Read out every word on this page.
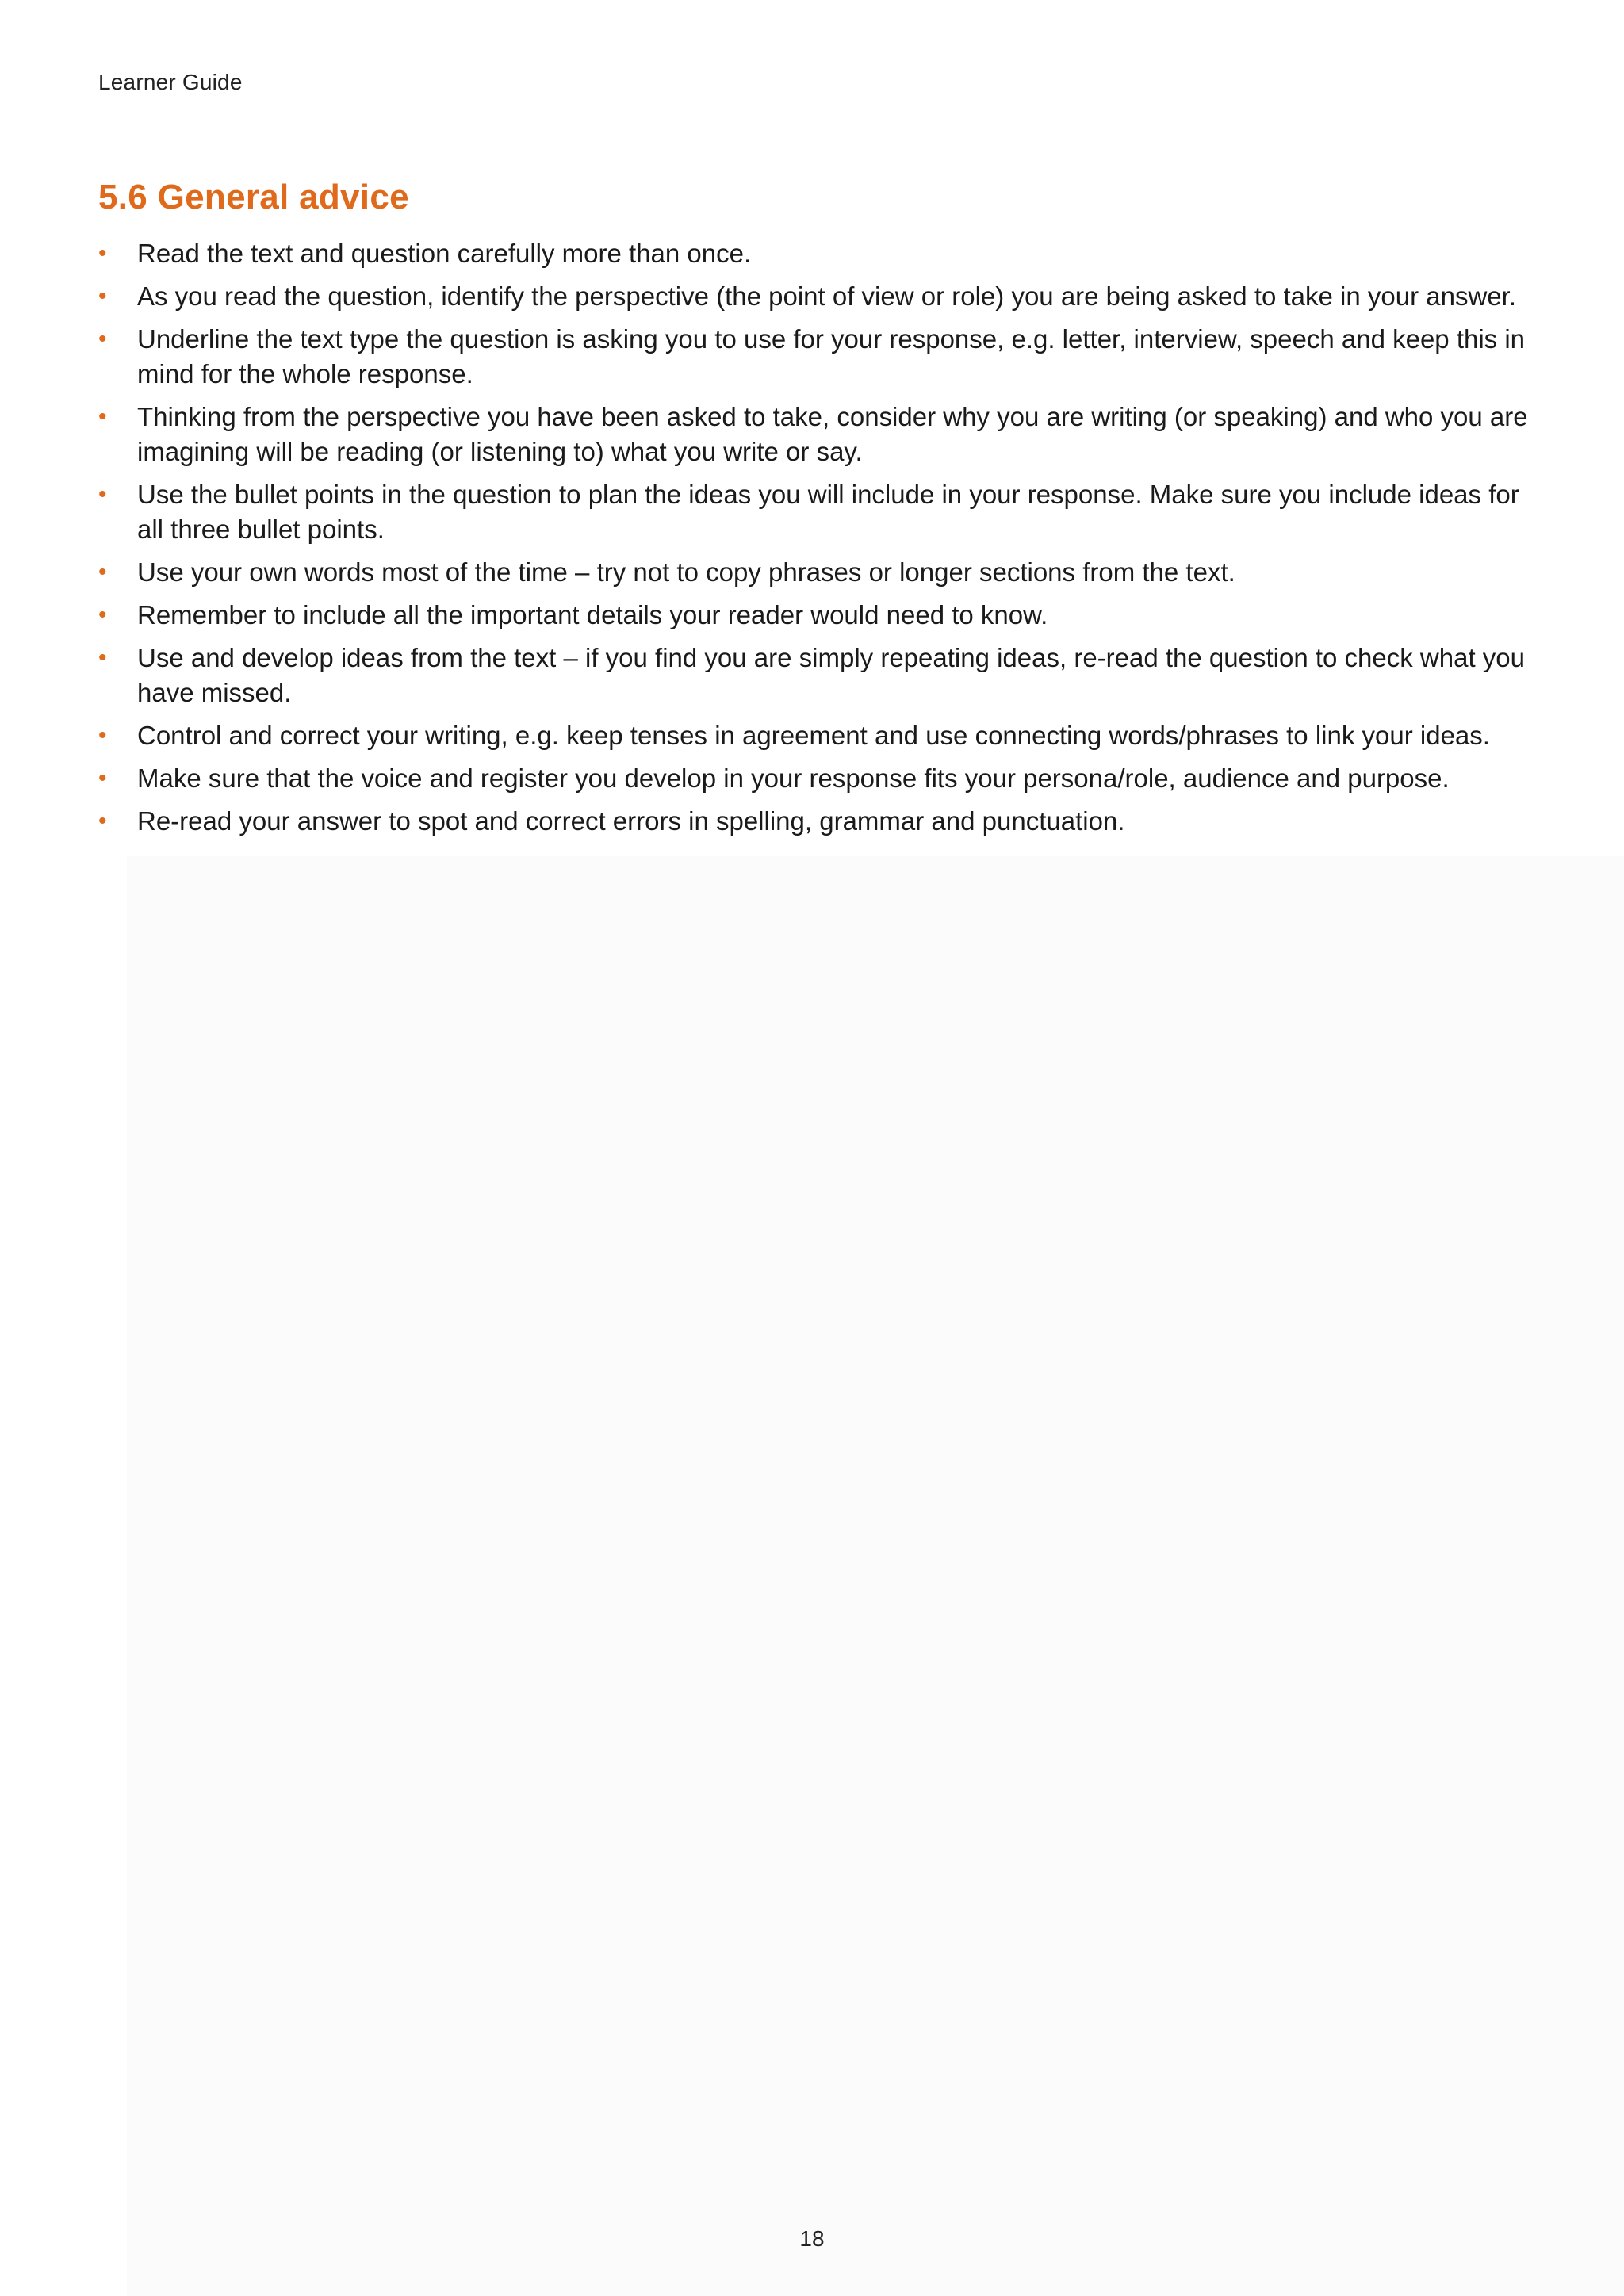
Learner Guide
5.6 General advice
• Read the text and question carefully more than once.
• As you read the question, identify the perspective (the point of view or role) you are being asked to take in your answer.
• Underline the text type the question is asking you to use for your response, e.g. letter, interview, speech and keep this in mind for the whole response.
• Thinking from the perspective you have been asked to take, consider why you are writing (or speaking) and who you are imagining will be reading (or listening to) what you write or say.
• Use the bullet points in the question to plan the ideas you will include in your response. Make sure you include ideas for all three bullet points.
• Use your own words most of the time – try not to copy phrases or longer sections from the text.
• Remember to include all the important details your reader would need to know.
• Use and develop ideas from the text – if you find you are simply repeating ideas, re-read the question to check what you have missed.
• Control and correct your writing, e.g. keep tenses in agreement and use connecting words/phrases to link your ideas.
• Make sure that the voice and register you develop in your response fits your persona/role, audience and purpose.
• Re-read your answer to spot and correct errors in spelling, grammar and punctuation.
18
